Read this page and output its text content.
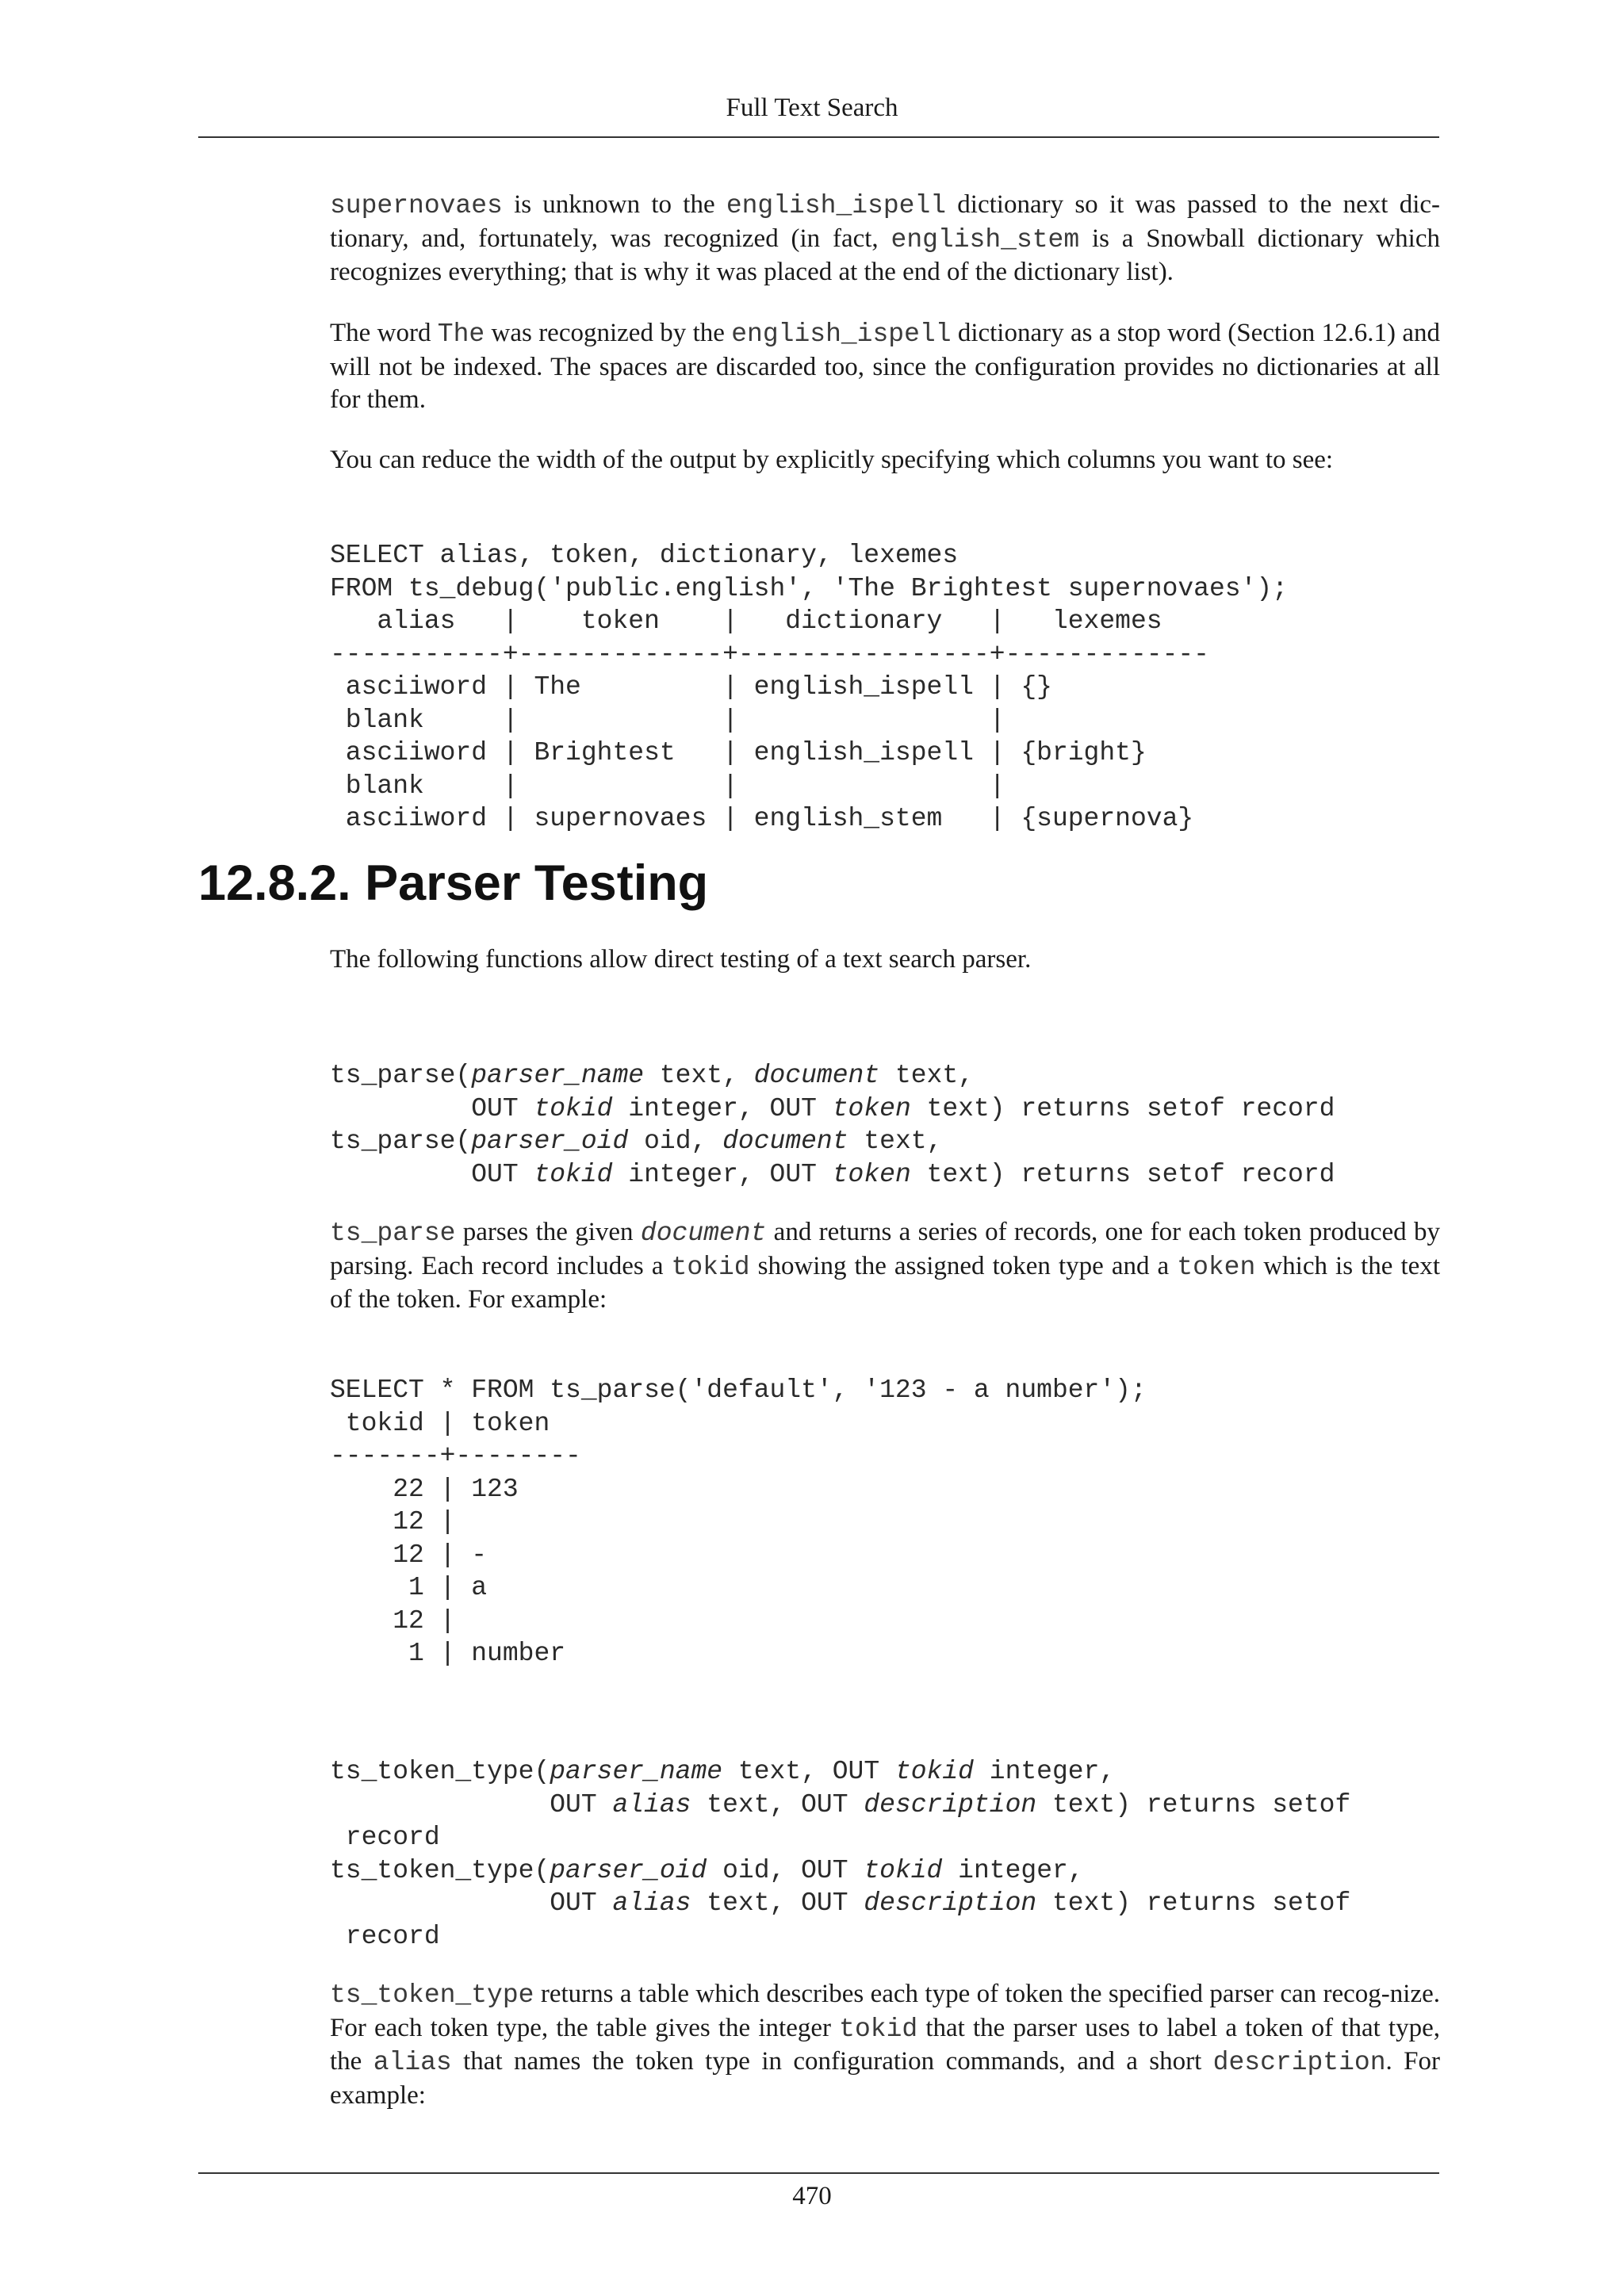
Full Text Search

supernovaes is unknown to the english_ispell dictionary so it was passed to the next dic-tionary, and, fortunately, was recognized (in fact, english_stem is a Snowball dictionary which recognizes everything; that is why it was placed at the end of the dictionary list).

The word The was recognized by the english_ispell dictionary as a stop word (Section 12.6.1) and will not be indexed. The spaces are discarded too, since the configuration provides no dictionaries at all for them.

You can reduce the width of the output by explicitly specifying which columns you want to see:

SELECT alias, token, dictionary, lexemes
FROM ts_debug('public.english', 'The Brightest supernovaes');
alias   |    token    |   dictionary   |   lexemes
-----------+-------------+----------------+-------------
asciiword | The         | english_ispell | {}
blank     |             |                |
asciiword | Brightest   | english_ispell | {bright}
blank     |             |                |
asciiword | supernovaes | english_stem   | {supernova}
12.8.2. Parser Testing

The following functions allow direct testing of a text search parser.

ts_parse(parser_name text, document text,
OUT tokid integer, OUT token text) returns setof record
ts_parse(parser_oid oid, document text,
OUT tokid integer, OUT token text) returns setof record

ts_parse parses the given document and returns a series of records, one for each token produced by parsing. Each record includes a tokid showing the assigned token type and a token which is the text of the token. For example:

SELECT * FROM ts_parse('default', '123 - a number');
tokid | token
-------+--------
22 | 123
12 |
12 | -
1 | a
12 |
1 | number
ts_token_type(parser_name text, OUT tokid integer,
OUT alias text, OUT description text) returns setof
record
ts_token_type(parser_oid oid, OUT tokid integer,
OUT alias text, OUT description text) returns setof
record

ts_token_type returns a table which describes each type of token the specified parser can recog-nize. For each token type, the table gives the integer tokid that the parser uses to label a token of that type, the alias that names the token type in configuration commands, and a short description. For example:

470
